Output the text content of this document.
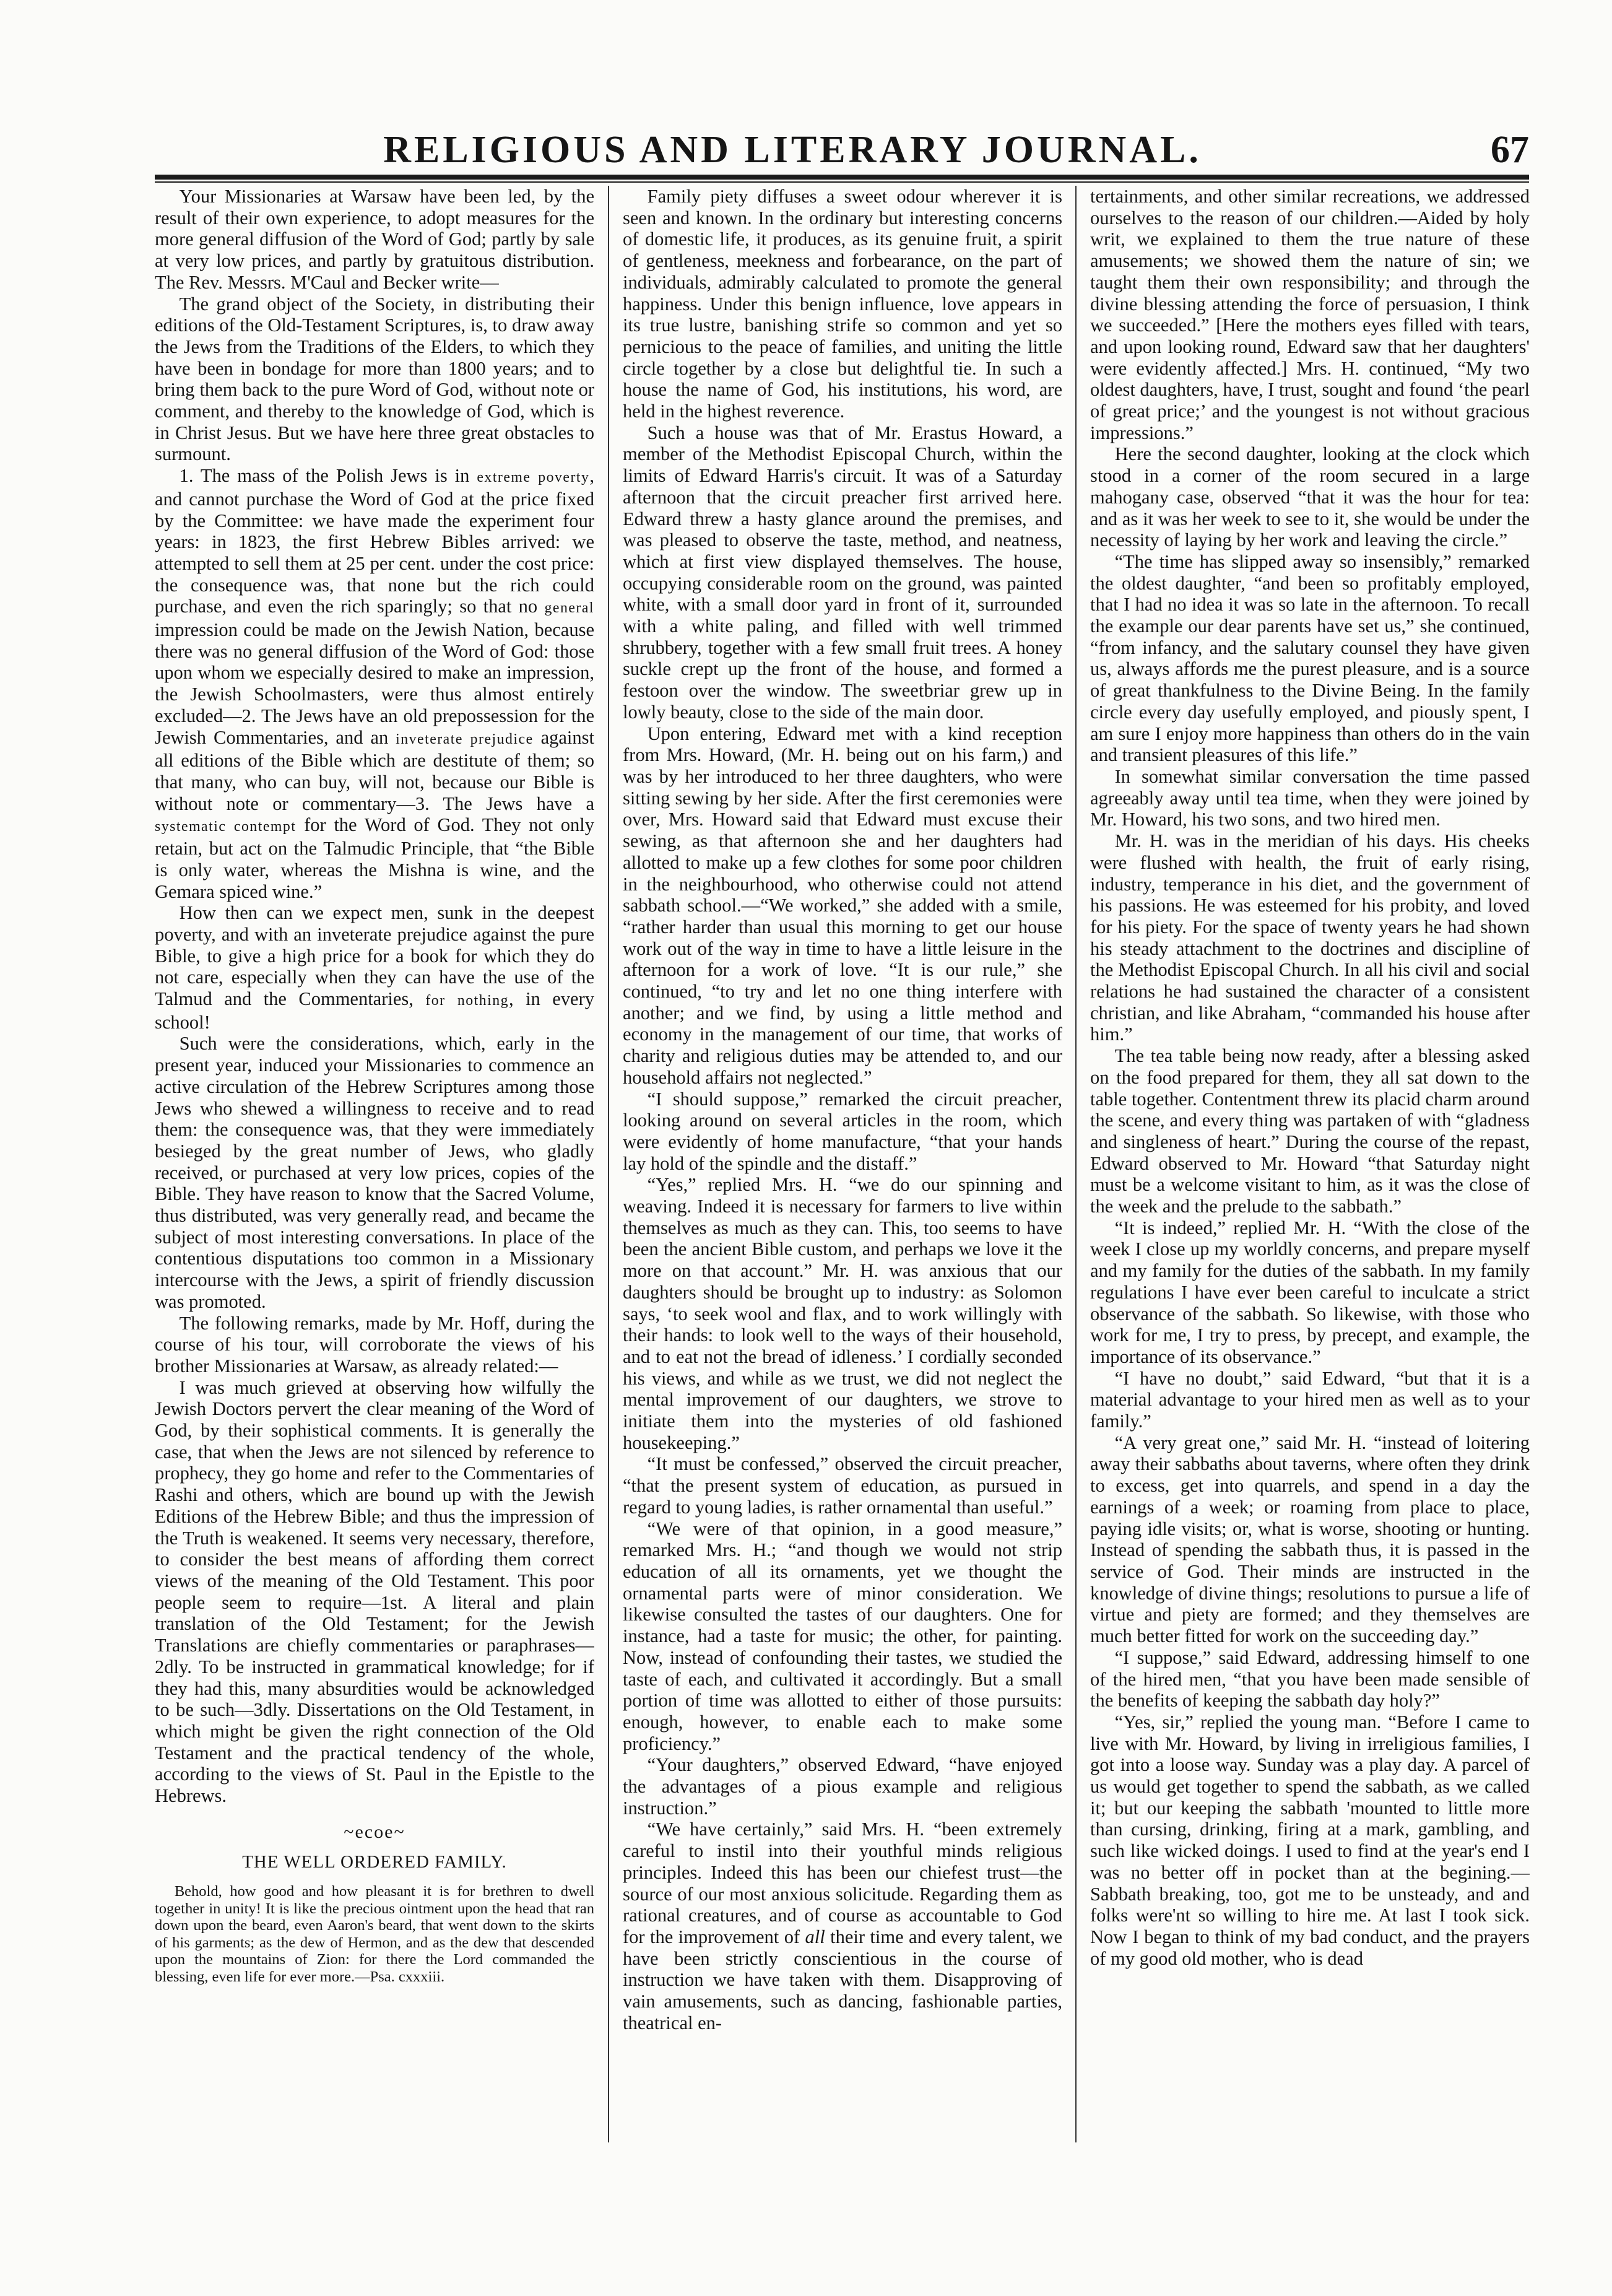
RELIGIOUS AND LITERARY JOURNAL.	67

Your Missionaries at Warsaw have been led, by the result of their own experience, to adopt measures for the more general diffusion of the Word of God; partly by sale at very low prices, and partly by gratuitous distribution. The Rev. Messrs. M'Caul and Becker write—

The grand object of the Society, in distributing their editions of the Old-Testament Scriptures, is, to draw away the Jews from the Traditions of the Elders, to which they have been in bondage for more than 1800 years; and to bring them back to the pure Word of God, without note or comment, and thereby to the knowledge of God, which is in Christ Jesus. But we have here three great obstacles to surmount.

1. The mass of the Polish Jews is in extreme poverty, and cannot purchase the Word of God at the price fixed by the Committee: we have made the experiment four years: in 1823, the first Hebrew Bibles arrived: we attempted to sell them at 25 per cent. under the cost price: the consequence was, that none but the rich could purchase, and even the rich sparingly; so that no general impression could be made on the Jewish Nation, because there was no general diffusion of the Word of God: those upon whom we especially desired to make an impression, the Jewish Schoolmasters, were thus almost entirely excluded—2. The Jews have an old prepossession for the Jewish Commentaries, and an inveterate prejudice against all editions of the Bible which are destitute of them; so that many, who can buy, will not, because our Bible is without note or commentary—3. The Jews have a systematic contempt for the Word of God. They not only retain, but act on the Talmudic Principle, that “the Bible is only water, whereas the Mishna is wine, and the Gemara spiced wine.”

How then can we expect men, sunk in the deepest poverty, and with an inveterate prejudice against the pure Bible, to give a high price for a book for which they do not care, especially when they can have the use of the Talmud and the Commentaries, for nothing, in every school!

Such were the considerations, which, early in the present year, induced your Missionaries to commence an active circulation of the Hebrew Scriptures among those Jews who shewed a willingness to receive and to read them: the consequence was, that they were immediately besieged by the great number of Jews, who gladly received, or purchased at very low prices, copies of the Bible. They have reason to know that the Sacred Volume, thus distributed, was very generally read, and became the subject of most interesting conversations. In place of the contentious disputations too common in a Missionary intercourse with the Jews, a spirit of friendly discussion was promoted.

The following remarks, made by Mr. Hoff, during the course of his tour, will corroborate the views of his brother Missionaries at Warsaw, as already related:—

I was much grieved at observing how wilfully the Jewish Doctors pervert the clear meaning of the Word of God, by their sophistical comments. It is generally the case, that when the Jews are not silenced by reference to prophecy, they go home and refer to the Commentaries of Rashi and others, which are bound up with the Jewish Editions of the Hebrew Bible; and thus the impression of the Truth is weakened. It seems very necessary, therefore, to consider the best means of affording them correct views of the meaning of the Old Testament. This poor people seem to require—1st. A literal and plain translation of the Old Testament; for the Jewish Translations are chiefly commentaries or paraphrases—2dly. To be instructed in grammatical knowledge; for if they had this, many absurdities would be acknowledged to be such—3dly. Dissertations on the Old Testament, in which might be given the right connection of the Old Testament and the practical tendency of the whole, according to the views of St. Paul in the Epistle to the Hebrews.

~ecoe~
THE WELL ORDERED FAMILY.

Behold, how good and how pleasant it is for brethren to dwell together in unity! It is like the precious ointment upon the head that ran down upon the beard, even Aaron's beard, that went down to the skirts of his garments; as the dew of Hermon, and as the dew that descended upon the mountains of Zion: for there the Lord commanded the blessing, even life for ever more.—Psa. cxxxiii.

Family piety diffuses a sweet odour wherever it is seen and known. In the ordinary but interesting concerns of domestic life, it produces, as its genuine fruit, a spirit of gentleness, meekness and forbearance, on the part of individuals, admirably calculated to promote the general happiness. Under this benign influence, love appears in its true lustre, banishing strife so common and yet so pernicious to the peace of families, and uniting the little circle together by a close but delightful tie. In such a house the name of God, his institutions, his word, are held in the highest reverence.

Such a house was that of Mr. Erastus Howard, a member of the Methodist Episcopal Church, within the limits of Edward Harris's circuit. It was of a Saturday afternoon that the circuit preacher first arrived here. Edward threw a hasty glance around the premises, and was pleased to observe the taste, method, and neatness, which at first view displayed themselves. The house, occupying considerable room on the ground, was painted white, with a small door yard in front of it, surrounded with a white paling, and filled with well trimmed shrubbery, together with a few small fruit trees. A honey suckle crept up the front of the house, and formed a festoon over the window. The sweetbriar grew up in lowly beauty, close to the side of the main door.

Upon entering, Edward met with a kind reception from Mrs. Howard, (Mr. H. being out on his farm,) and was by her introduced to her three daughters, who were sitting sewing by her side. After the first ceremonies were over, Mrs. Howard said that Edward must excuse their sewing, as that afternoon she and her daughters had allotted to make up a few clothes for some poor children in the neighbourhood, who otherwise could not attend sabbath school.—“We worked,” she added with a smile, “rather harder than usual this morning to get our house work out of the way in time to have a little leisure in the afternoon for a work of love. “It is our rule,” she continued, “to try and let no one thing interfere with another; and we find, by using a little method and economy in the management of our time, that works of charity and religious duties may be attended to, and our household affairs not neglected.”

“I should suppose,” remarked the circuit preacher, looking around on several articles in the room, which were evidently of home manufacture, “that your hands lay hold of the spindle and the distaff.”

“Yes,” replied Mrs. H. “we do our spinning and weaving. Indeed it is necessary for farmers to live within themselves as much as they can. This, too seems to have been the ancient Bible custom, and perhaps we love it the more on that account.” Mr. H. was anxious that our daughters should be brought up to industry: as Solomon says, ‘to seek wool and flax, and to work willingly with their hands: to look well to the ways of their household, and to eat not the bread of idleness.’ I cordially seconded his views, and while as we trust, we did not neglect the mental improvement of our daughters, we strove to initiate them into the mysteries of old fashioned housekeeping.”

“It must be confessed,” observed the circuit preacher, “that the present system of education, as pursued in regard to young ladies, is rather ornamental than useful.”

“We were of that opinion, in a good measure,” remarked Mrs. H.; “and though we would not strip education of all its ornaments, yet we thought the ornamental parts were of minor consideration. We likewise consulted the tastes of our daughters. One for instance, had a taste for music; the other, for painting. Now, instead of confounding their tastes, we studied the taste of each, and cultivated it accordingly. But a small portion of time was allotted to either of those pursuits: enough, however, to enable each to make some proficiency.”

“Your daughters,” observed Edward, “have enjoyed the advantages of a pious example and religious instruction.”

“We have certainly,” said Mrs. H. “been extremely careful to instil into their youthful minds religious principles. Indeed this has been our chiefest trust—the source of our most anxious solicitude. Regarding them as rational creatures, and of course as accountable to God for the improvement of all their time and every talent, we have been strictly conscientious in the course of instruction we have taken with them. Disapproving of vain amusements, such as dancing, fashionable parties, theatrical en-

tertainments, and other similar recreations, we addressed ourselves to the reason of our children.—Aided by holy writ, we explained to them the true nature of these amusements; we showed them the nature of sin; we taught them their own responsibility; and through the divine blessing attending the force of persuasion, I think we succeeded.” [Here the mothers eyes filled with tears, and upon looking round, Edward saw that her daughters' were evidently affected.] Mrs. H. continued, “My two oldest daughters, have, I trust, sought and found ‘the pearl of great price;’ and the youngest is not without gracious impressions.”

Here the second daughter, looking at the clock which stood in a corner of the room secured in a large mahogany case, observed “that it was the hour for tea: and as it was her week to see to it, she would be under the necessity of laying by her work and leaving the circle.”

“The time has slipped away so insensibly,” remarked the oldest daughter, “and been so profitably employed, that I had no idea it was so late in the afternoon. To recall the example our dear parents have set us,” she continued, “from infancy, and the salutary counsel they have given us, always affords me the purest pleasure, and is a source of great thankfulness to the Divine Being. In the family circle every day usefully employed, and piously spent, I am sure I enjoy more happiness than others do in the vain and transient pleasures of this life.”

In somewhat similar conversation the time passed agreeably away until tea time, when they were joined by Mr. Howard, his two sons, and two hired men.

Mr. H. was in the meridian of his days. His cheeks were flushed with health, the fruit of early rising, industry, temperance in his diet, and the government of his passions. He was esteemed for his probity, and loved for his piety. For the space of twenty years he had shown his steady attachment to the doctrines and discipline of the Methodist Episcopal Church. In all his civil and social relations he had sustained the character of a consistent christian, and like Abraham, “commanded his house after him.”

The tea table being now ready, after a blessing asked on the food prepared for them, they all sat down to the table together. Contentment threw its placid charm around the scene, and every thing was partaken of with “gladness and singleness of heart.” During the course of the repast, Edward observed to Mr. Howard “that Saturday night must be a welcome visitant to him, as it was the close of the week and the prelude to the sabbath.”

“It is indeed,” replied Mr. H. “With the close of the week I close up my worldly concerns, and prepare myself and my family for the duties of the sabbath. In my family regulations I have ever been careful to inculcate a strict observance of the sabbath. So likewise, with those who work for me, I try to press, by precept, and example, the importance of its observance.”

“I have no doubt,” said Edward, “but that it is a material advantage to your hired men as well as to your family.”

“A very great one,” said Mr. H. “instead of loitering away their sabbaths about taverns, where often they drink to excess, get into quarrels, and spend in a day the earnings of a week; or roaming from place to place, paying idle visits; or, what is worse, shooting or hunting. Instead of spending the sabbath thus, it is passed in the service of God. Their minds are instructed in the knowledge of divine things; resolutions to pursue a life of virtue and piety are formed; and they themselves are much better fitted for work on the succeeding day.”

“I suppose,” said Edward, addressing himself to one of the hired men, “that you have been made sensible of the benefits of keeping the sabbath day holy?”

“Yes, sir,” replied the young man. “Before I came to live with Mr. Howard, by living in irreligious families, I got into a loose way. Sunday was a play day. A parcel of us would get together to spend the sabbath, as we called it; but our keeping the sabbath 'mounted to little more than cursing, drinking, firing at a mark, gambling, and such like wicked doings. I used to find at the year's end I was no better off in pocket than at the begining.—Sabbath breaking, too, got me to be unsteady, and and folks were'nt so willing to hire me. At last I took sick. Now I began to think of my bad conduct, and the prayers of my good old mother, who is dead
